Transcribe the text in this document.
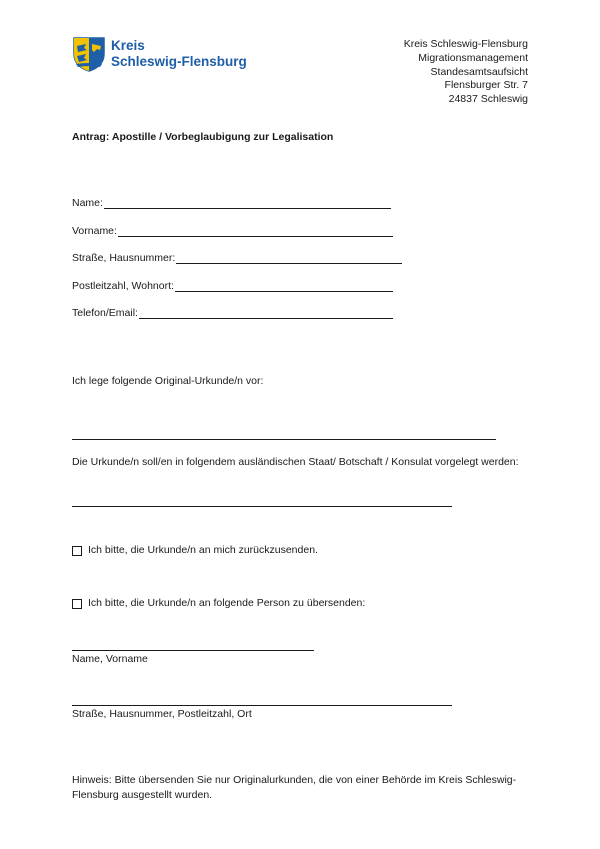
Kreis
Schleswig-Flensburg
Kreis Schleswig-Flensburg
Migrationsmanagement
Standesamtsaufsicht
Flensburger Str. 7
24837 Schleswig
Antrag: Apostille / Vorbeglaubigung zur Legalisation
Name:
Vorname:
Straße, Hausnummer:
Postleitzahl, Wohnort:
Telefon/Email:
Ich lege folgende Original-Urkunde/n vor:
Die Urkunde/n soll/en in folgendem ausländischen Staat/ Botschaft / Konsulat vorgelegt werden:
Ich bitte, die Urkunde/n an mich zurückzusenden.
Ich bitte, die Urkunde/n an folgende Person zu übersenden:
Name, Vorname
Straße, Hausnummer, Postleitzahl, Ort
Hinweis: Bitte übersenden Sie nur Originalurkunden, die von einer Behörde im Kreis Schleswig-Flensburg ausgestellt wurden.
